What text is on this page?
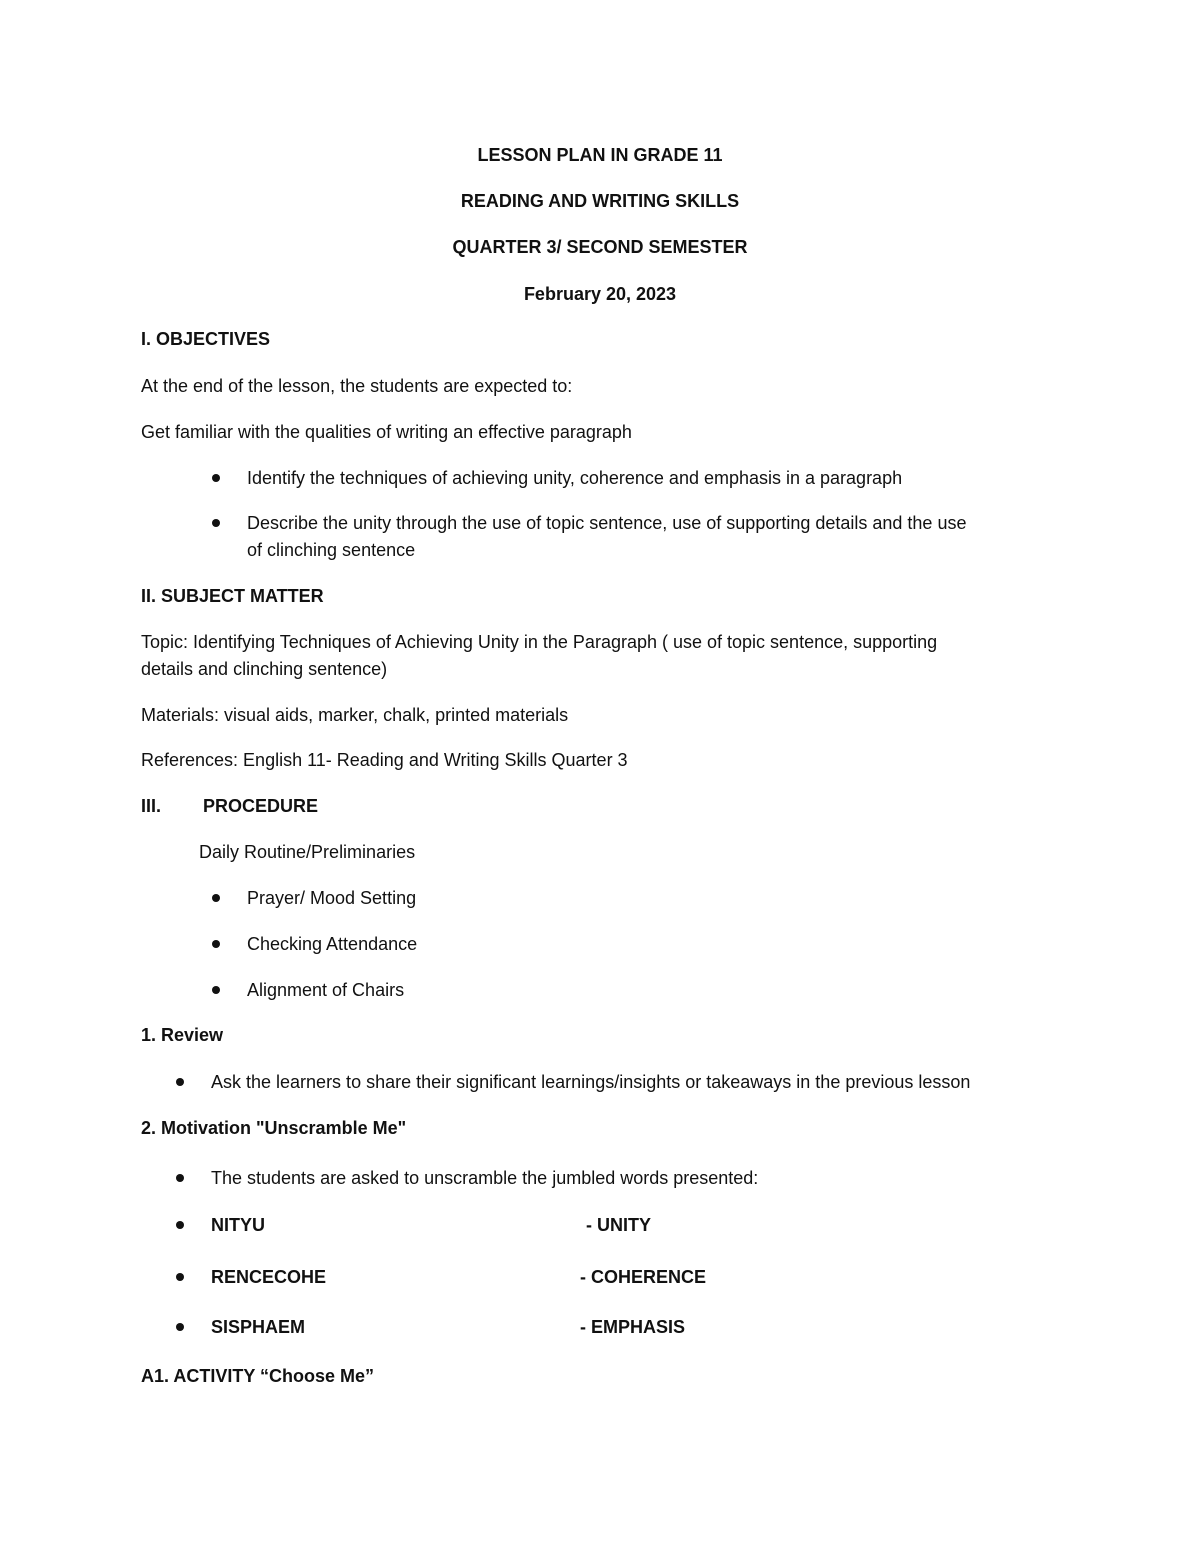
LESSON PLAN IN GRADE 11
READING AND WRITING SKILLS
QUARTER 3/ SECOND SEMESTER
February 20, 2023
I. OBJECTIVES
At the end of the lesson, the students are expected to:
Get familiar with the qualities of writing an effective paragraph
Identify the techniques of achieving unity, coherence and emphasis in a paragraph
Describe the unity through the use of topic sentence, use of supporting details and the use
of clinching sentence
II. SUBJECT MATTER
Topic: Identifying Techniques of Achieving Unity in the Paragraph ( use of topic sentence, supporting
details and clinching sentence)
Materials: visual aids, marker, chalk, printed materials
References: English 11- Reading and Writing Skills Quarter 3
III. PROCEDURE
Daily Routine/Preliminaries
Prayer/ Mood Setting
Checking Attendance
Alignment of Chairs
1. Review
Ask the learners to share their significant learnings/insights or takeaways in the previous lesson
2. Motivation "Unscramble Me"
The students are asked to unscramble the jumbled words presented:
NITYU	- UNITY
RENCECOHE	- COHERENCE
SISPHAEM	- EMPHASIS
A1. ACTIVITY “Choose Me”
